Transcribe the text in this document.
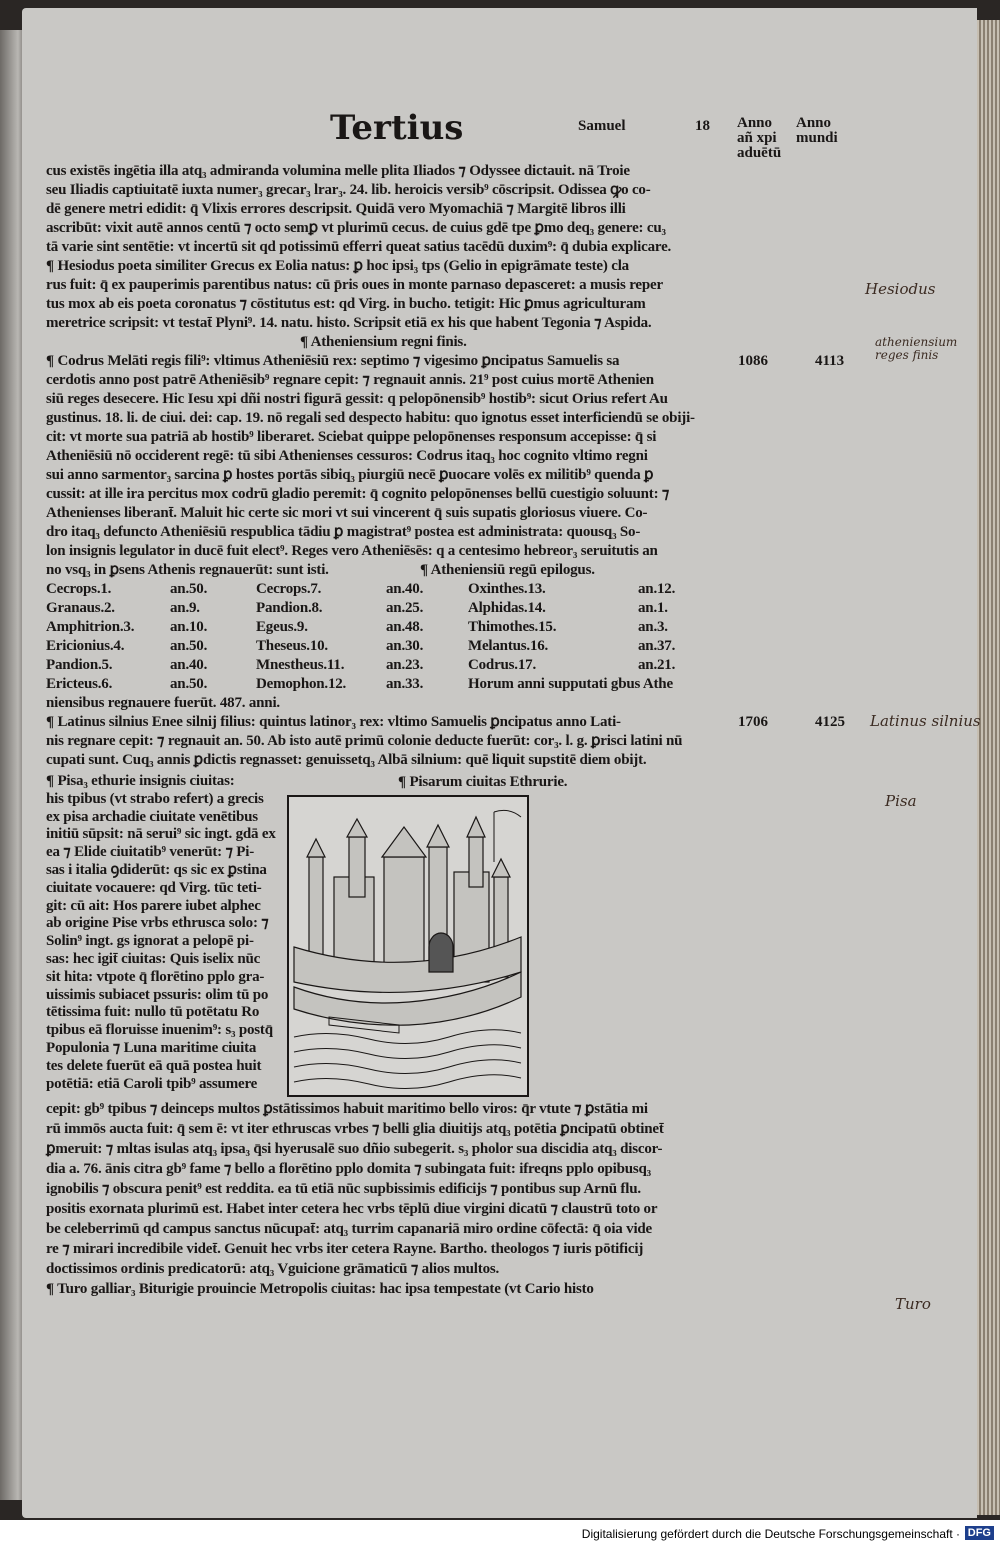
Tertius	Samuel	18 Anno
añ xpi
aduētū
Anno
mundi
cus existēs ingētia illa atq₃ admiranda volumina melle plita Iliados ⁊ Odyssee dictauit. nā Troie
seu Iliadis captiuitatē iuxta numer₃ grecar₃ lrar₃. 24. lib. heroicis versib⁹ cōscripsit. Odissea ꝙo co-
dē genere metri edidit: q̄ Vlixis errores descripsit. Quidā vero Myomachiā ⁊ Margitē libros illi
ascribūt: vixit autē annos centū ⁊ octo semꝑ vt plurimū cecus. de cuius gdē tpe ꝑmo deq₃ genere: cu₃
tā varie sint sentētie: vt incertū sit qd potissimū efferri queat satius tacēdū duxim⁹: q̄ dubia explicare.
¶ Hesiodus poeta similiter Grecus ex Eolia natus: ꝑ hoc ipsi₃ tps (Gelio in epigrāmate teste) cla
rus fuit: q̄ ex pauperimis parentibus natus: cū p̄ris oues in monte parnaso depasceret: a musis reper
tus mox ab eis poeta coronatus ⁊ cōstitutus est: qd Virg. in bucho. tetigit: Hic ꝑmus agriculturam
meretrice scripsit: vt testat̄ Plyni⁹. 14. natu. histo. Scripsit etiā ex his que habent Tegonia ⁊ Aspida.
¶ Atheniensium regni finis.
¶ Codrus Melāti regis fili⁹: vltimus Atheniēsiū rex: septimo ⁊ vigesimo ꝑncipatus Samuelis sa
cerdotis anno post patrē Atheniēsib⁹ regnare cepit: ⁊ regnauit annis. 21⁹ post cuius mortē Athenien
siū reges desecere. Hic Iesu xpi dñi nostri figurā gessit: q pelopōnensib⁹ hostib⁹: sicut Orius refert Au
gustinus. 18. li. de ciui. dei: cap. 19. nō regali sed despecto habitu: quo ignotus esset interficiendū se obiji-
cit: vt morte sua patriā ab hostib⁹ liberaret. Sciebat quippe pelopōnenses responsum accepisse: q̄ si
Atheniēsiū nō occiderent regē: tū sibi Athenienses cessuros: Codrus itaq₃ hoc cognito vltimo regni
sui anno sarmentor₃ sarcina ꝑ hostes portās sibiq₃ piurgiū necē ꝑuocare volēs ex militib⁹ quenda ꝑ
cussit: at ille ira percitus mox codrū gladio peremit: q̄ cognito pelopōnenses bellū cuestigio soluunt: ⁊
Athenienses liberant̄. Maluit hic certe sic mori vt sui vincerent q̄ suis supatis gloriosus viuere. Co-
dro itaq₃ defuncto Atheniēsiū respublica tādiu ꝑ magistrat⁹ postea est administrata: quousq₃ So-
lon insignis legulator in ducē fuit elect⁹. Reges vero Atheniēsēs: q a centesimo hebreor₃ seruitutis an
no vsq₃ in ꝑsens Athenis regnauerūt: sunt isti.	¶ Atheniensiū regū epilogus.
Cecrops.1.	an.50.	Cecrops.7.	an.40.	Oxinthes.13.	an.12.
Granaus.2.	an.9.	Pandion.8.	an.25.	Alphidas.14.	an.1.
Amphitrion.3. an.10.	Egeus.9.	an.48.	Thimothes.15.	an.3.
Ericionius.4.	an.50.	Theseus.10.	an.30.	Melantus.16.	an.37.
Pandion.5.	an.40.	Mnestheus.11.	an.23.	Codrus.17.	an.21.
Ericteus.6.	an.50.	Demophon.12.	an.33.	Horum anni supputati gbus Athe
niensibus regnauere fuerūt. 487. anni.
¶ Latinus silnius Enee silnij filius: quintus latinor₃ rex: vltimo Samuelis ꝑncipatus anno Lati-
nis regnare cepit: ⁊ regnauit an. 50. Ab isto autē primū colonie deducte fuerūt: cor₃. l. g. ꝑrisci latini nū
cupati sunt. Cuq₃ annis ꝑdictis regnasset: genuissetq₃ Albā silnium: quē liquit supstitē diem obijt.
¶ Pisarum ciuitas Ethrurie.
¶ Pisa₃ ethurie insignis ciuitas:
his tpibus (vt strabo refert) a grecis
ex pisa archadie ciuitate venētibus
initiū sūpsit: nā serui⁹ sic ingt. gdā ex
ea ⁊ Elide ciuitatib⁹ venerūt: ⁊ Pi-
sas i italia ꝯdiderūt: qs sic ex ꝑstina
ciuitate vocauere: qd Virg. tūc teti-
git: cū ait: Hos parere iubet alphec
ab origine Pise vrbs ethrusca solo: ⁊
Solin⁹ ingt. gs ignorat a pelopē pi-
sas: hec igit̄ ciuitas: Quis iselix nūc
sit hita: vtpote q̄ florētino pplo gra-
uissimis subiacet pssuris: olim tū po
tētissima fuit: nullo tū potētatu Ro
tpibus eā floruisse inuenim⁹: s₃ postq̄
Populonia ⁊ Luna maritime ciuita
tes delete fuerūt eā quā postea huit
potētiā: etiā Caroli tpib⁹ assumere
cepit: gb⁹ tpibus ⁊ deinceps multos ꝑstātissimos habuit maritimo bello viros: q̄r vtute ⁊ ꝑstātia mi
rū immōs aucta fuit: q̄ sem ē: vt iter ethruscas vrbes ⁊ belli glia diuitijs atq₃ potētia ꝑncipatū obtinet̄
ꝑmeruit: ⁊ mltas isulas atq₃ ipsa₃ q̄si hyerusalē suo dñio subegerit. s₃ pholor sua discidia atq₃ discor-
dia a. 76. ānis citra gb⁹ fame ⁊ bello a florētino pplo domita ⁊ subingata fuit: ifreqns pplo opibusq₃
ignobilis ⁊ obscura penit⁹ est reddita. ea tū etiā nūc supbissimis edificijs ⁊ pontibus sup Arnū flu.
positis exornata plurimū est. Habet inter cetera hec vrbs tēplū diue virgini dicatū ⁊ claustrū toto or
be celeberrimū qd campus sanctus nūcupat̄: atq₃ turrim capanariā miro ordine cōfectā: q̄ oia vide
re ⁊ mirari incredibile videt̄. Genuit hec vrbs iter cetera Rayne. Bartho. theologos ⁊ iuris pōtificij
doctissimos ordinis predicatorū: atq₃ Vguicione grāmaticū ⁊ alios multos.
¶ Turo galliar₃ Biturigie prouincie Metropolis ciuitas: hac ipsa tempestate (vt Cario histo
1086	4113
1706	4125
Hesiodus
atheniensium reges finis
Latinus silnius
Pisa
Turo
Digitalisierung gefördert durch die Deutsche Forschungsgemeinschaft · DFG
